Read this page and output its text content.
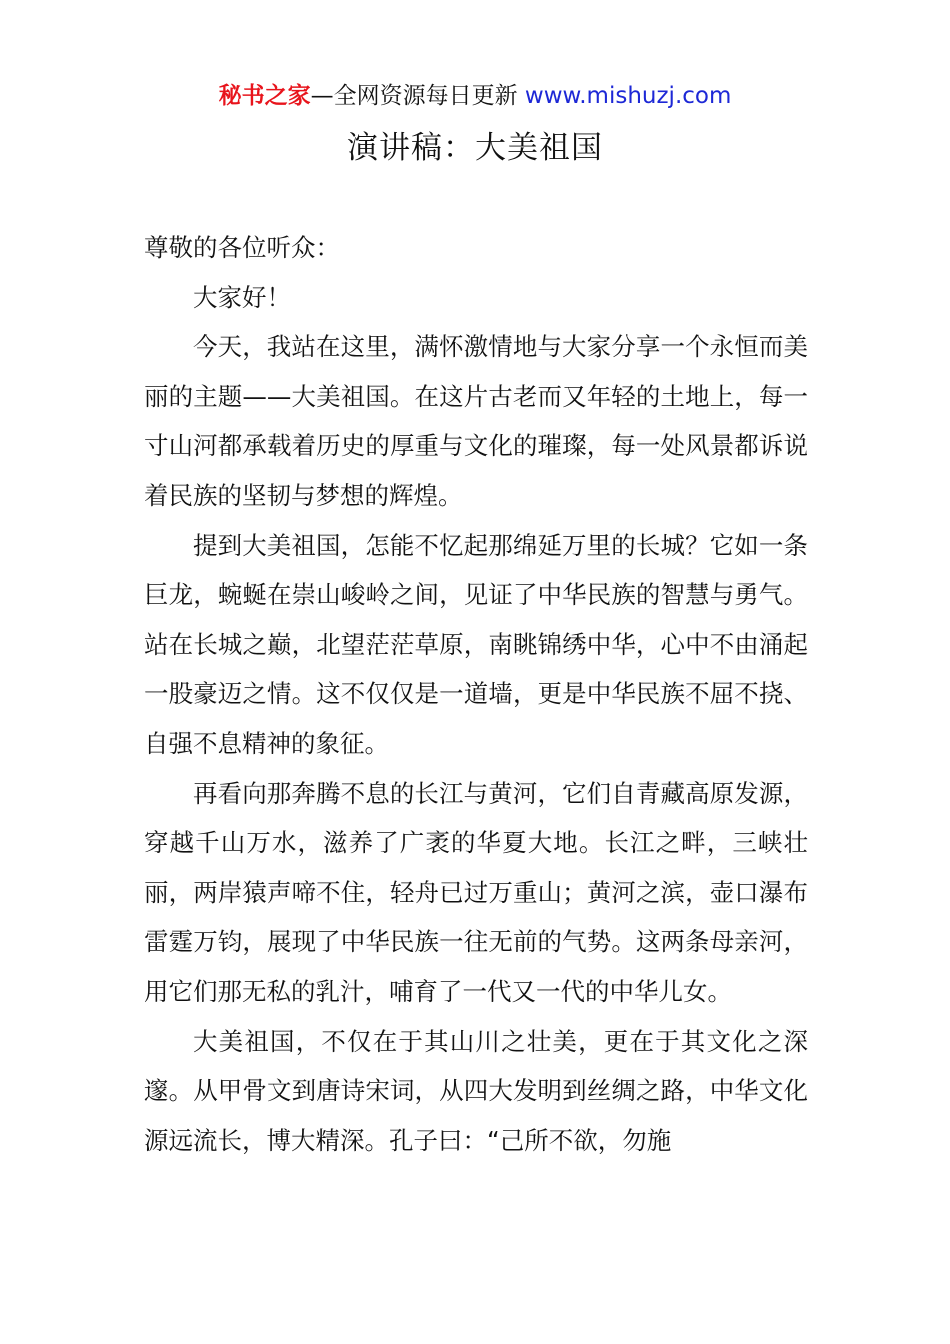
秘书之家—全网资源每日更新 www.mishuzj.com
演讲稿：大美祖国

尊敬的各位听众：

大家好！

今天，我站在这里，满怀激情地与大家分享一个永恒而美丽的主题——大美祖国。在这片古老而又年轻的土地上，每一寸山河都承载着历史的厚重与文化的璀璨，每一处风景都诉说着民族的坚韧与梦想的辉煌。

提到大美祖国，怎能不忆起那绵延万里的长城？它如一条巨龙，蜿蜒在崇山峻岭之间，见证了中华民族的智慧与勇气。站在长城之巅，北望茫茫草原，南眺锦绣中华，心中不由涌起一股豪迈之情。这不仅仅是一道墙，更是中华民族不屈不挠、自强不息精神的象征。

再看向那奔腾不息的长江与黄河，它们自青藏高原发源，穿越千山万水，滋养了广袤的华夏大地。长江之畔，三峡壮丽，两岸猿声啼不住，轻舟已过万重山；黄河之滨，壶口瀑布雷霆万钧，展现了中华民族一往无前的气势。这两条母亲河，用它们那无私的乳汁，哺育了一代又一代的中华儿女。

大美祖国，不仅在于其山川之壮美，更在于其文化之深邃。从甲骨文到唐诗宋词，从四大发明到丝绸之路，中华文化源远流长，博大精深。孔子曰：“己所不欲，勿施
